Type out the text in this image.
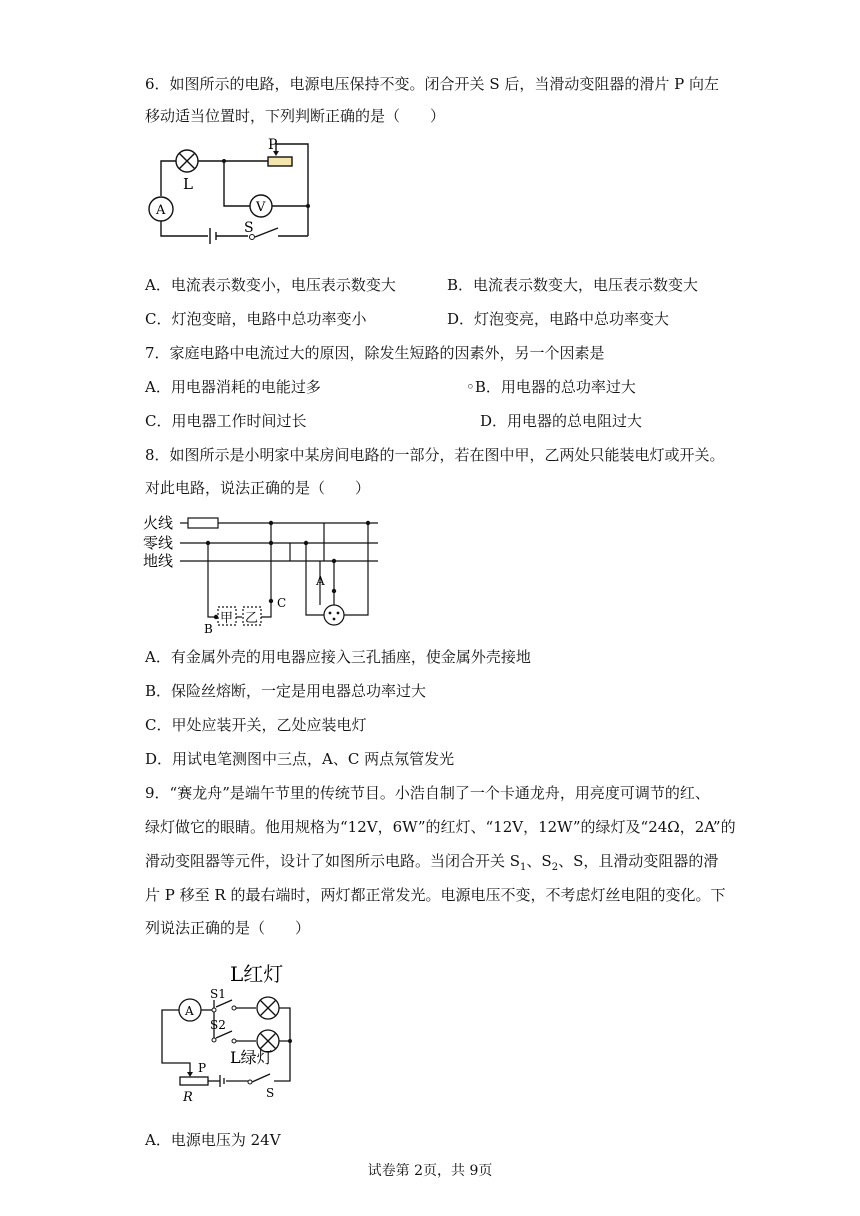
6．如图所示的电路，电源电压保持不变。闭合开关 S 后，当滑动变阻器的滑片 P 向左
移动适当位置时，下列判断正确的是（　　）
P
L
A	V
S
A．电流表示数变小，电压表示数变大	B．电流表示数变大，电压表示数变大
C．灯泡变暗，电路中总功率变小	D．灯泡变亮，电路中总功率变大
7．家庭电路中电流过大的原因，除发生短路的因素外，另一个因素是
A．用电器消耗的电能过多	◦B．用电器的总功率过大
C．用电器工作时间过长	D．用电器的总电阻过大
8．如图所示是小明家中某房间电路的一部分，若在图中甲，乙两处只能装电灯或开关。
对此电路，说法正确的是（　　）
火线
零线
地线
甲 乙
A
B
C
A．有金属外壳的用电器应接入三孔插座，使金属外壳接地
B．保险丝熔断，一定是用电器总功率过大
C．甲处应装开关，乙处应装电灯
D．用试电笔测图中三点，A、C 两点氖管发光
9．“赛龙舟”是端午节里的传统节目。小浩自制了一个卡通龙舟，用亮度可调节的红、
绿灯做它的眼睛。他用规格为“12V，6W”的红灯、“12V，12W”的绿灯及“24Ω，2A”的
滑动变阻器等元件，设计了如图所示电路。当闭合开关 $S_1$、$S_2$、S，且滑动变阻器的滑
片 P 移至 R 的最右端时，两灯都正常发光。电源电压不变，不考虑灯丝电阻的变化。下
列说法正确的是（　　）
L红灯
L绿灯
A
S1
S2
S
P
R
A．电源电压为 24V
试卷第 2页，共 9页
